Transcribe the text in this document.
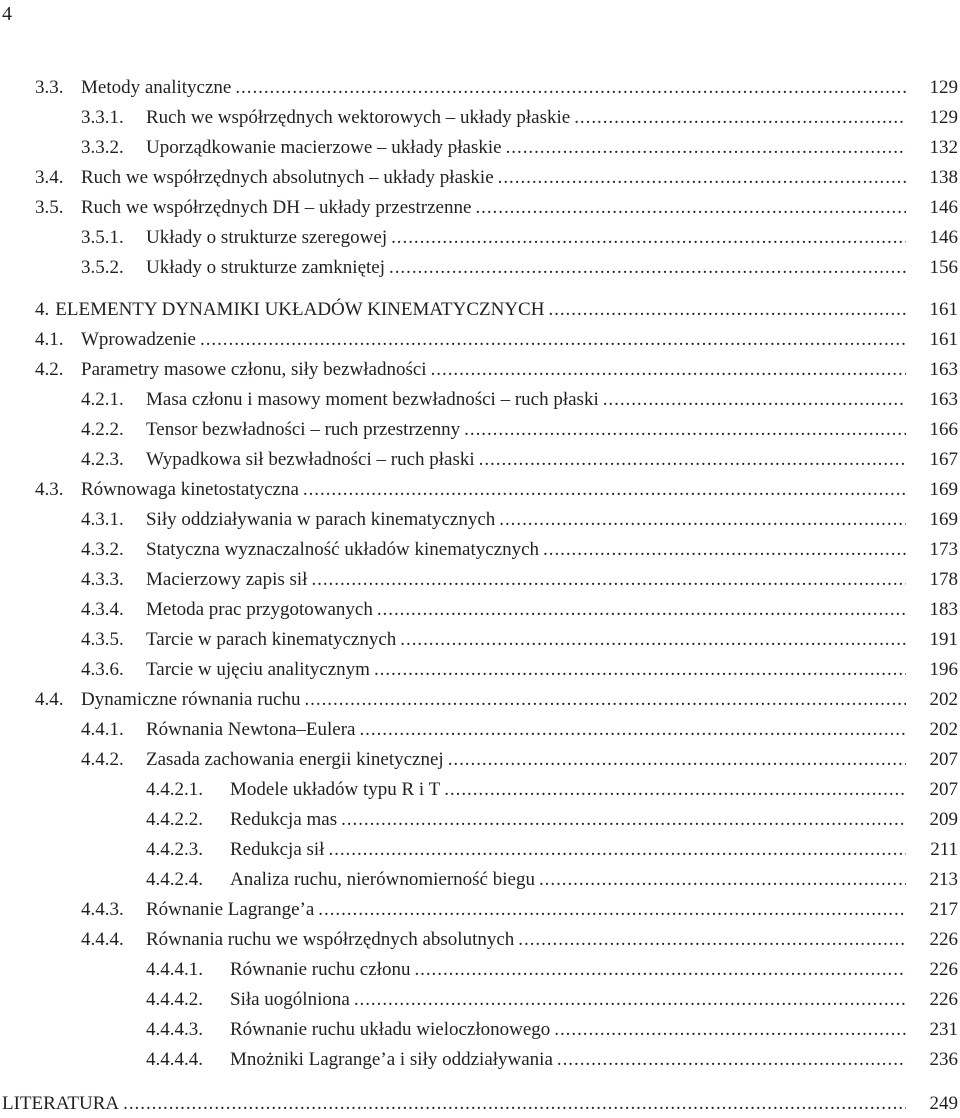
4
3.3. Metody analityczne . . .	129
3.3.1.	Ruch we współrzędnych wektorowych – układy płaskie . . .	129
3.3.2.	Uporządkowanie macierzowe – układy płaskie . . .	132
3.4. Ruch we współrzędnych absolutnych – układy płaskie . . .	138
3.5. Ruch we współrzędnych DH – układy przestrzenne . . .	146
3.5.1.	Układy o strukturze szeregowej . . .	146
3.5.2.	Układy o strukturze zamkniętej . . .	156
4. ELEMENTY DYNAMIKI UKŁADÓW KINEMATYCZNYCH . . .	161
4.1. Wprowadzenie . . .	161
4.2. Parametry masowe członu, siły bezwładności . . .	163
4.2.1.	Masa członu i masowy moment bezwładności – ruch płaski . . .	163
4.2.2.	Tensor bezwładności – ruch przestrzenny . . .	166
4.2.3.	Wypadkowa sił bezwładności – ruch płaski . . .	167
4.3. Równowaga kinetostatyczna . . .	169
4.3.1.	Siły oddziaływania w parach kinematycznych . . .	169
4.3.2.	Statyczna wyznaczalność układów kinematycznych . . .	173
4.3.3.	Macierzowy zapis sił . . .	178
4.3.4.	Metoda prac przygotowanych . . .	183
4.3.5.	Tarcie w parach kinematycznych . . .	191
4.3.6.	Tarcie w ujęciu analitycznym . . .	196
4.4. Dynamiczne równania ruchu . . .	202
4.4.1.	Równania Newtona–Eulera . . .	202
4.4.2.	Zasada zachowania energii kinetycznej . . .	207
4.4.2.1.	Modele układów typu R i T . . .	207
4.4.2.2.	Redukcja mas . . .	209
4.4.2.3.	Redukcja sił . . .	211
4.4.2.4.	Analiza ruchu, nierównomierność biegu . . .	213
4.4.3.	Równanie Lagrange’a . . .	217
4.4.4.	Równania ruchu we współrzędnych absolutnych . . .	226
4.4.4.1.	Równanie ruchu członu . . .	226
4.4.4.2.	Siła uogólniona . . .	226
4.4.4.3.	Równanie ruchu układu wieloczłonowego . . .	231
4.4.4.4.	Mnożniki Lagrange’a i siły oddziaływania . . .	236
LITERATURA . . .	249
